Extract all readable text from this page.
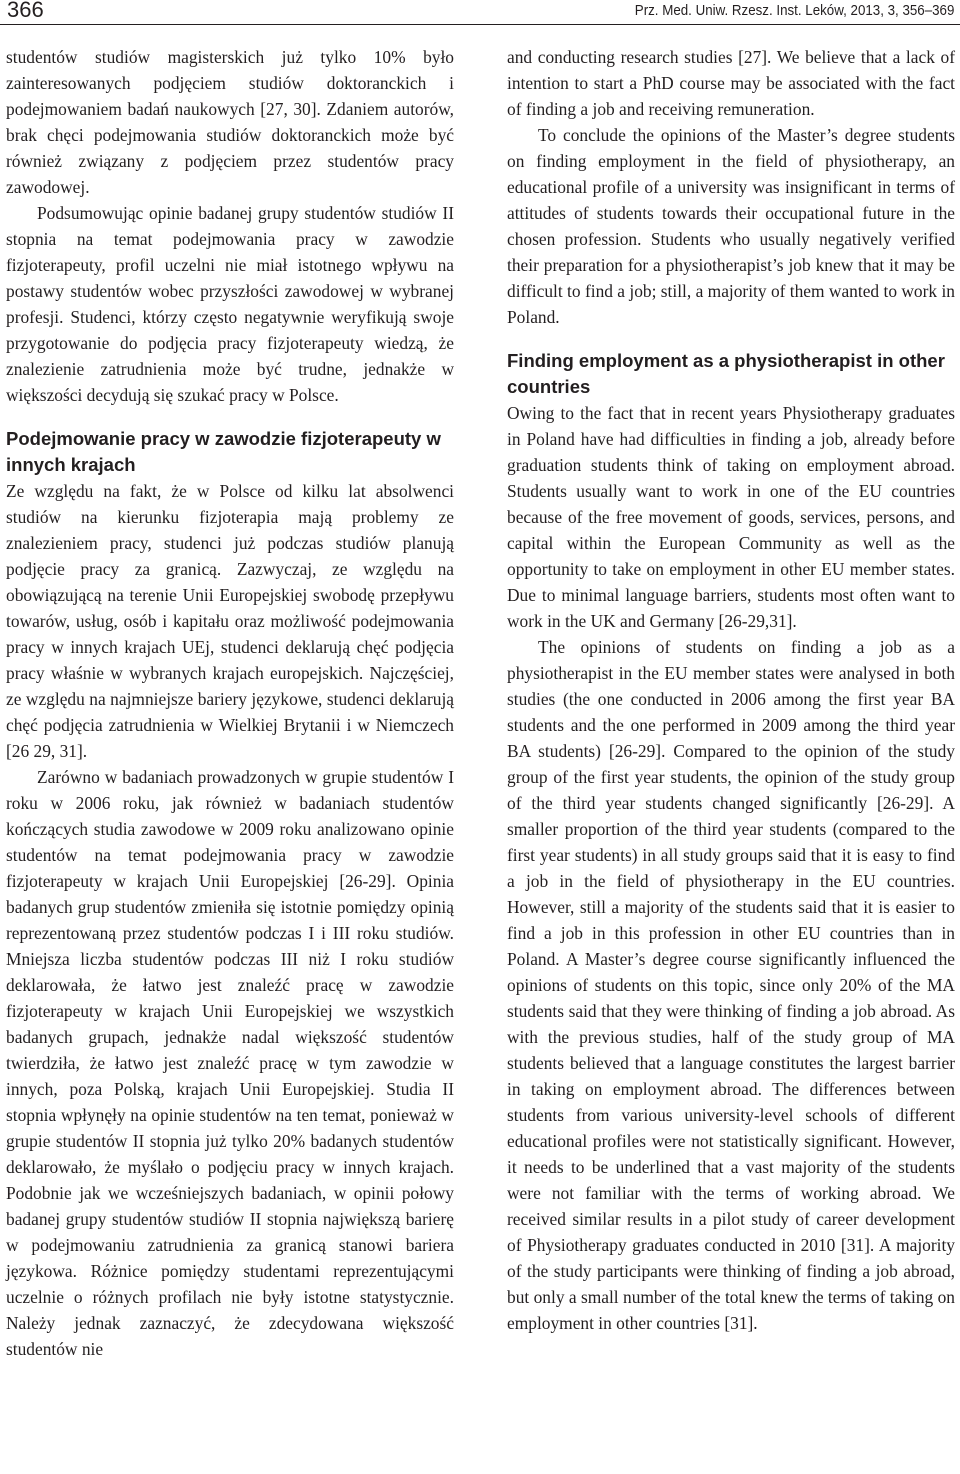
366	Prz. Med. Uniw. Rzesz. Inst. Leków, 2013, 3, 356–369

studentów studiów magisterskich już tylko 10% było zainteresowanych podjęciem studiów doktoranckich i podejmowaniem badań naukowych [27, 30]. Zdaniem autorów, brak chęci podejmowania studiów doktoranckich może być również związany z podjęciem przez studentów pracy zawodowej.

Podsumowując opinie badanej grupy studentów studiów II stopnia na temat podejmowania pracy w zawodzie fizjoterapeuty, profil uczelni nie miał istotnego wpływu na postawy studentów wobec przyszłości zawodowej w wybranej profesji. Studenci, którzy często negatywnie weryfikują swoje przygotowanie do podjęcia pracy fizjoterapeuty wiedzą, że znalezienie zatrudnienia może być trudne, jednakże w większości decydują się szukać pracy w Polsce.

Podejmowanie pracy w zawodzie fizjoterapeuty w innych krajach

Ze względu na fakt, że w Polsce od kilku lat absolwenci studiów na kierunku fizjoterapia mają problemy ze znalezieniem pracy, studenci już podczas studiów planują podjęcie pracy za granicą. Zazwyczaj, ze względu na obowiązującą na terenie Unii Europejskiej swobodę przepływu towarów, usług, osób i kapitału oraz możliwość podejmowania pracy w innych krajach UEj, studenci deklarują chęć podjęcia pracy właśnie w wybranych krajach europejskich. Najczęściej, ze względu na najmniejsze bariery językowe, studenci deklarują chęć podjęcia zatrudnienia w Wielkiej Brytanii i w Niemczech [26 29, 31].

Zarówno w badaniach prowadzonych w grupie studentów I roku w 2006 roku, jak również w badaniach studentów kończących studia zawodowe w 2009 roku analizowano opinie studentów na temat podejmowania pracy w zawodzie fizjoterapeuty w krajach Unii Europejskiej [26-29]. Opinia badanych grup studentów zmieniła się istotnie pomiędzy opinią reprezentowaną przez studentów podczas I i III roku studiów. Mniejsza liczba studentów podczas III niż I roku studiów deklarowała, że łatwo jest znaleźć pracę w zawodzie fizjoterapeuty w krajach Unii Europejskiej we wszystkich badanych grupach, jednakże nadal większość studentów twierdziła, że łatwo jest znaleźć pracę w tym zawodzie w innych, poza Polską, krajach Unii Europejskiej. Studia II stopnia wpłynęły na opinie studentów na ten temat, ponieważ w grupie studentów II stopnia już tylko 20% badanych studentów deklarowało, że myślało o podjęciu pracy w innych krajach. Podobnie jak we wcześniejszych badaniach, w opinii połowy badanej grupy studentów studiów II stopnia największą barierę w podejmowaniu zatrudnienia za granicą stanowi bariera językowa. Różnice pomiędzy studentami reprezentującymi uczelnie o różnych profilach nie były istotne statystycznie. Należy jednak zaznaczyć, że zdecydowana większość studentów nie

and conducting research studies [27]. We believe that a lack of intention to start a PhD course may be associated with the fact of finding a job and receiving remuneration.

To conclude the opinions of the Master’s degree students on finding employment in the field of physiotherapy, an educational profile of a university was insignificant in terms of attitudes of students towards their occupational future in the chosen profession. Students who usually negatively verified their preparation for a physiotherapist’s job knew that it may be difficult to find a job; still, a majority of them wanted to work in Poland.

Finding employment as a physiotherapist in other countries

Owing to the fact that in recent years Physiotherapy graduates in Poland have had difficulties in finding a job, already before graduation students think of taking on employment abroad. Students usually want to work in one of the EU countries because of the free movement of goods, services, persons, and capital within the European Community as well as the opportunity to take on employment in other EU member states. Due to minimal language barriers, students most often want to work in the UK and Germany [26-29,31].

The opinions of students on finding a job as a physiotherapist in the EU member states were analysed in both studies (the one conducted in 2006 among the first year BA students and the one performed in 2009 among the third year BA students) [26-29]. Compared to the opinion of the study group of the first year students, the opinion of the study group of the third year students changed significantly [26-29]. A smaller proportion of the third year students (compared to the first year students) in all study groups said that it is easy to find a job in the field of physiotherapy in the EU countries. However, still a majority of the students said that it is easier to find a job in this profession in other EU countries than in Poland. A Master’s degree course significantly influenced the opinions of students on this topic, since only 20% of the MA students said that they were thinking of finding a job abroad. As with the previous studies, half of the study group of MA students believed that a language constitutes the largest barrier in taking on employment abroad. The differences between students from various university-level schools of different educational profiles were not statistically significant. However, it needs to be underlined that a vast majority of the students were not familiar with the terms of working abroad. We received similar results in a pilot study of career development of Physiotherapy graduates conducted in 2010 [31]. A majority of the study participants were thinking of finding a job abroad, but only a small number of the total knew the terms of taking on employment in other countries [31].
